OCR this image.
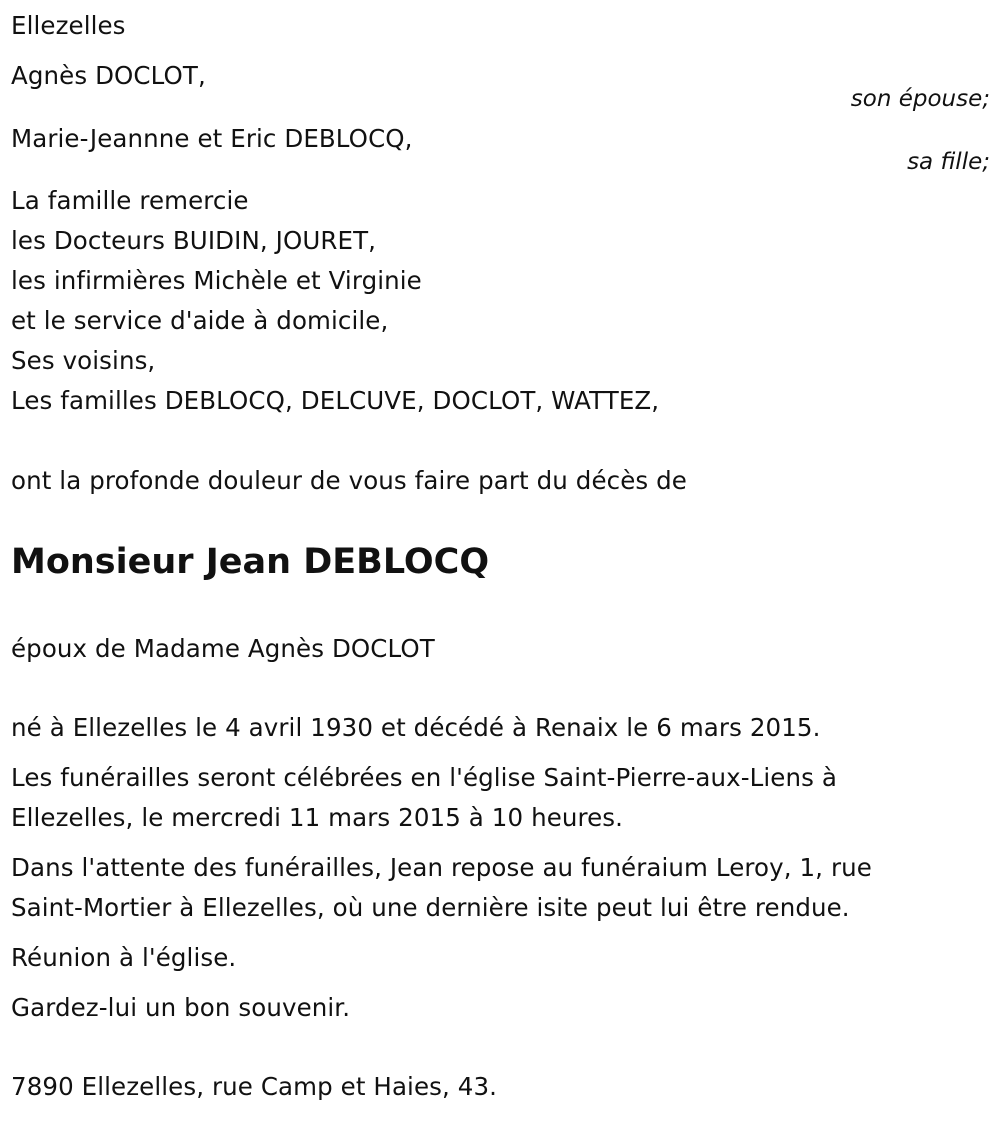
Ellezelles
Agnès DOCLOT,
son épouse;
Marie-Jeannne et Eric DEBLOCQ,
sa fille;
La famille remercie
les Docteurs BUIDIN, JOURET,
les infirmières Michèle et Virginie
et le service d'aide à domicile,
Ses voisins,
Les familles DEBLOCQ, DELCUVE, DOCLOT, WATTEZ,
ont la profonde douleur de vous faire part du décès de
Monsieur Jean DEBLOCQ
époux de Madame Agnès DOCLOT
né à Ellezelles le 4 avril 1930 et décédé à Renaix le 6 mars 2015.
Les funérailles seront célébrées en l'église Saint-Pierre-aux-Liens à
Ellezelles, le mercredi 11 mars 2015 à 10 heures.
Dans l'attente des funérailles, Jean repose au funéraium Leroy, 1, rue
Saint-Mortier à Ellezelles, où une dernière isite peut lui être rendue.
Réunion à l'église.
Gardez-lui un bon souvenir.
7890 Ellezelles, rue Camp et Haies, 43.
